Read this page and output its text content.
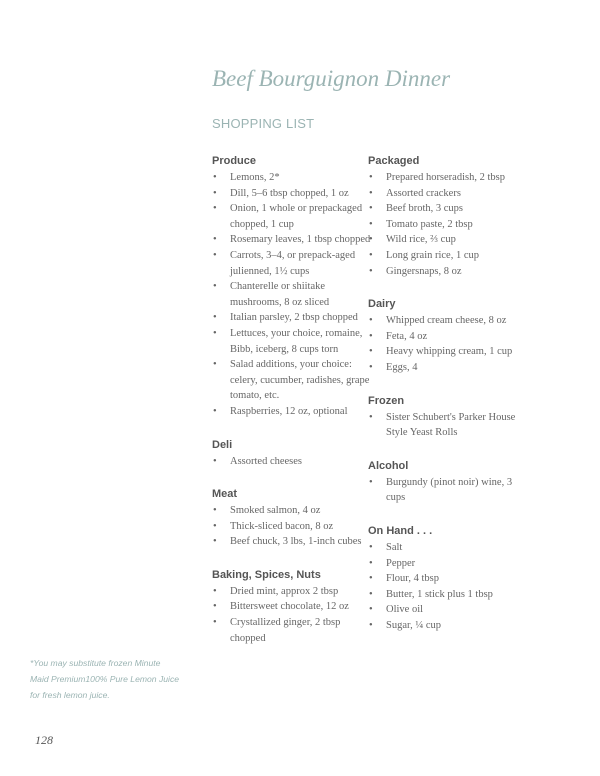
Beef Bourguignon Dinner
SHOPPING LIST
Produce
• Lemons, 2*
• Dill, 5–6 tbsp chopped, 1 oz
• Onion, 1 whole or prepackaged chopped, 1 cup
• Rosemary leaves, 1 tbsp chopped
• Carrots, 3–4, or prepack-aged julienned, 1½ cups
• Chanterelle or shiitake mushrooms, 8 oz sliced
• Italian parsley, 2 tbsp chopped
• Lettuces, your choice, romaine, Bibb, iceberg, 8 cups torn
• Salad additions, your choice: celery, cucumber, radishes, grape tomato, etc.
• Raspberries, 12 oz, optional
Deli
• Assorted cheeses
Meat
• Smoked salmon, 4 oz
• Thick-sliced bacon, 8 oz
• Beef chuck, 3 lbs, 1-inch cubes
Baking, Spices, Nuts
• Dried mint, approx 2 tbsp
• Bittersweet chocolate, 12 oz
• Crystallized ginger, 2 tbsp chopped
Packaged
• Prepared horseradish, 2 tbsp
• Assorted crackers
• Beef broth, 3 cups
• Tomato paste, 2 tbsp
• Wild rice, ⅔ cup
• Long grain rice, 1 cup
• Gingersnaps, 8 oz
Dairy
• Whipped cream cheese, 8 oz
• Feta, 4 oz
• Heavy whipping cream, 1 cup
• Eggs, 4
Frozen
• Sister Schubert's Parker House Style Yeast Rolls
Alcohol
• Burgundy (pinot noir) wine, 3 cups
On Hand . . .
• Salt
• Pepper
• Flour, 4 tbsp
• Butter, 1 stick plus 1 tbsp
• Olive oil
• Sugar, ¼ cup
*You may substitute frozen Minute Maid Premium100% Pure Lemon Juice for fresh lemon juice.
128
